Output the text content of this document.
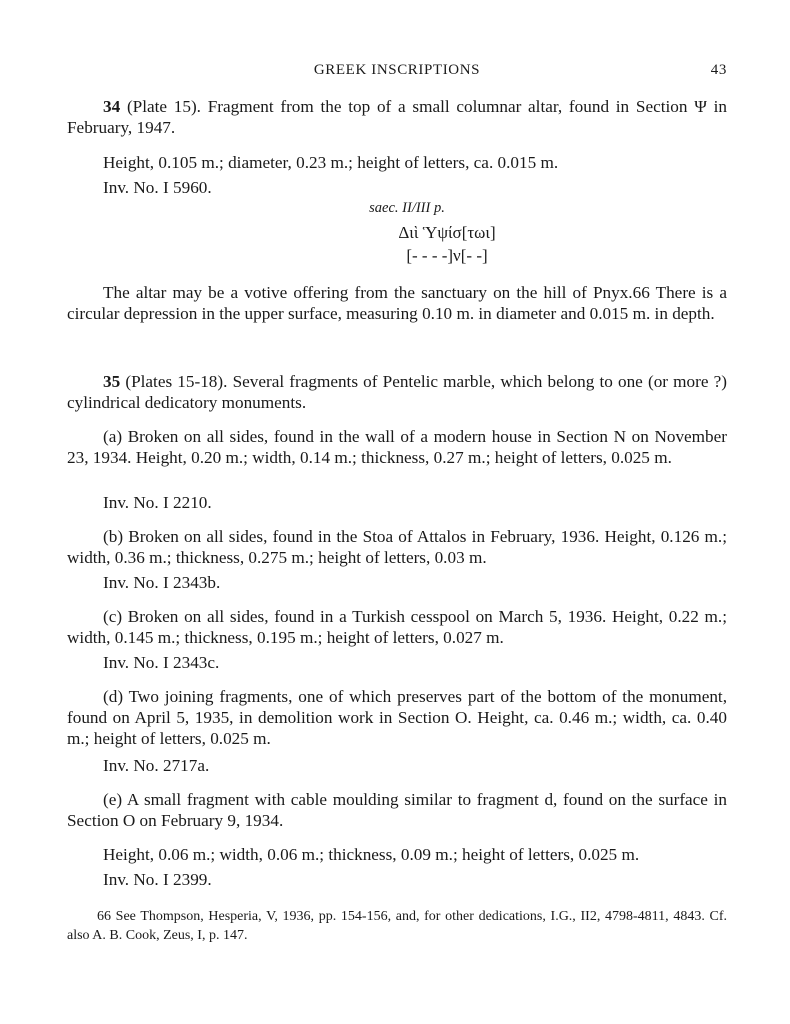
GREEK INSCRIPTIONS	43
34 (Plate 15). Fragment from the top of a small columnar altar, found in Section Ψ in February, 1947.
Height, 0.105 m.; diameter, 0.23 m.; height of letters, ca. 0.015 m.
Inv. No. I 5960.
saec. II/III p.
Διὶ Ὑψίσ[τωι]
[- - - -]ν[- -]
The altar may be a votive offering from the sanctuary on the hill of Pnyx.66 There is a circular depression in the upper surface, measuring 0.10 m. in diameter and 0.015 m. in depth.
35 (Plates 15-18). Several fragments of Pentelic marble, which belong to one (or more ?) cylindrical dedicatory monuments.
(a) Broken on all sides, found in the wall of a modern house in Section N on November 23, 1934. Height, 0.20 m.; width, 0.14 m.; thickness, 0.27 m.; height of letters, 0.025 m.
Inv. No. I 2210.
(b) Broken on all sides, found in the Stoa of Attalos in February, 1936. Height, 0.126 m.; width, 0.36 m.; thickness, 0.275 m.; height of letters, 0.03 m.
Inv. No. I 2343b.
(c) Broken on all sides, found in a Turkish cesspool on March 5, 1936. Height, 0.22 m.; width, 0.145 m.; thickness, 0.195 m.; height of letters, 0.027 m.
Inv. No. I 2343c.
(d) Two joining fragments, one of which preserves part of the bottom of the monument, found on April 5, 1935, in demolition work in Section O. Height, ca. 0.46 m.; width, ca. 0.40 m.; height of letters, 0.025 m.
Inv. No. 2717a.
(e) A small fragment with cable moulding similar to fragment d, found on the surface in Section O on February 9, 1934.
Height, 0.06 m.; width, 0.06 m.; thickness, 0.09 m.; height of letters, 0.025 m.
Inv. No. I 2399.
66 See Thompson, Hesperia, V, 1936, pp. 154-156, and, for other dedications, I.G., II2, 4798-4811, 4843. Cf. also A. B. Cook, Zeus, I, p. 147.
